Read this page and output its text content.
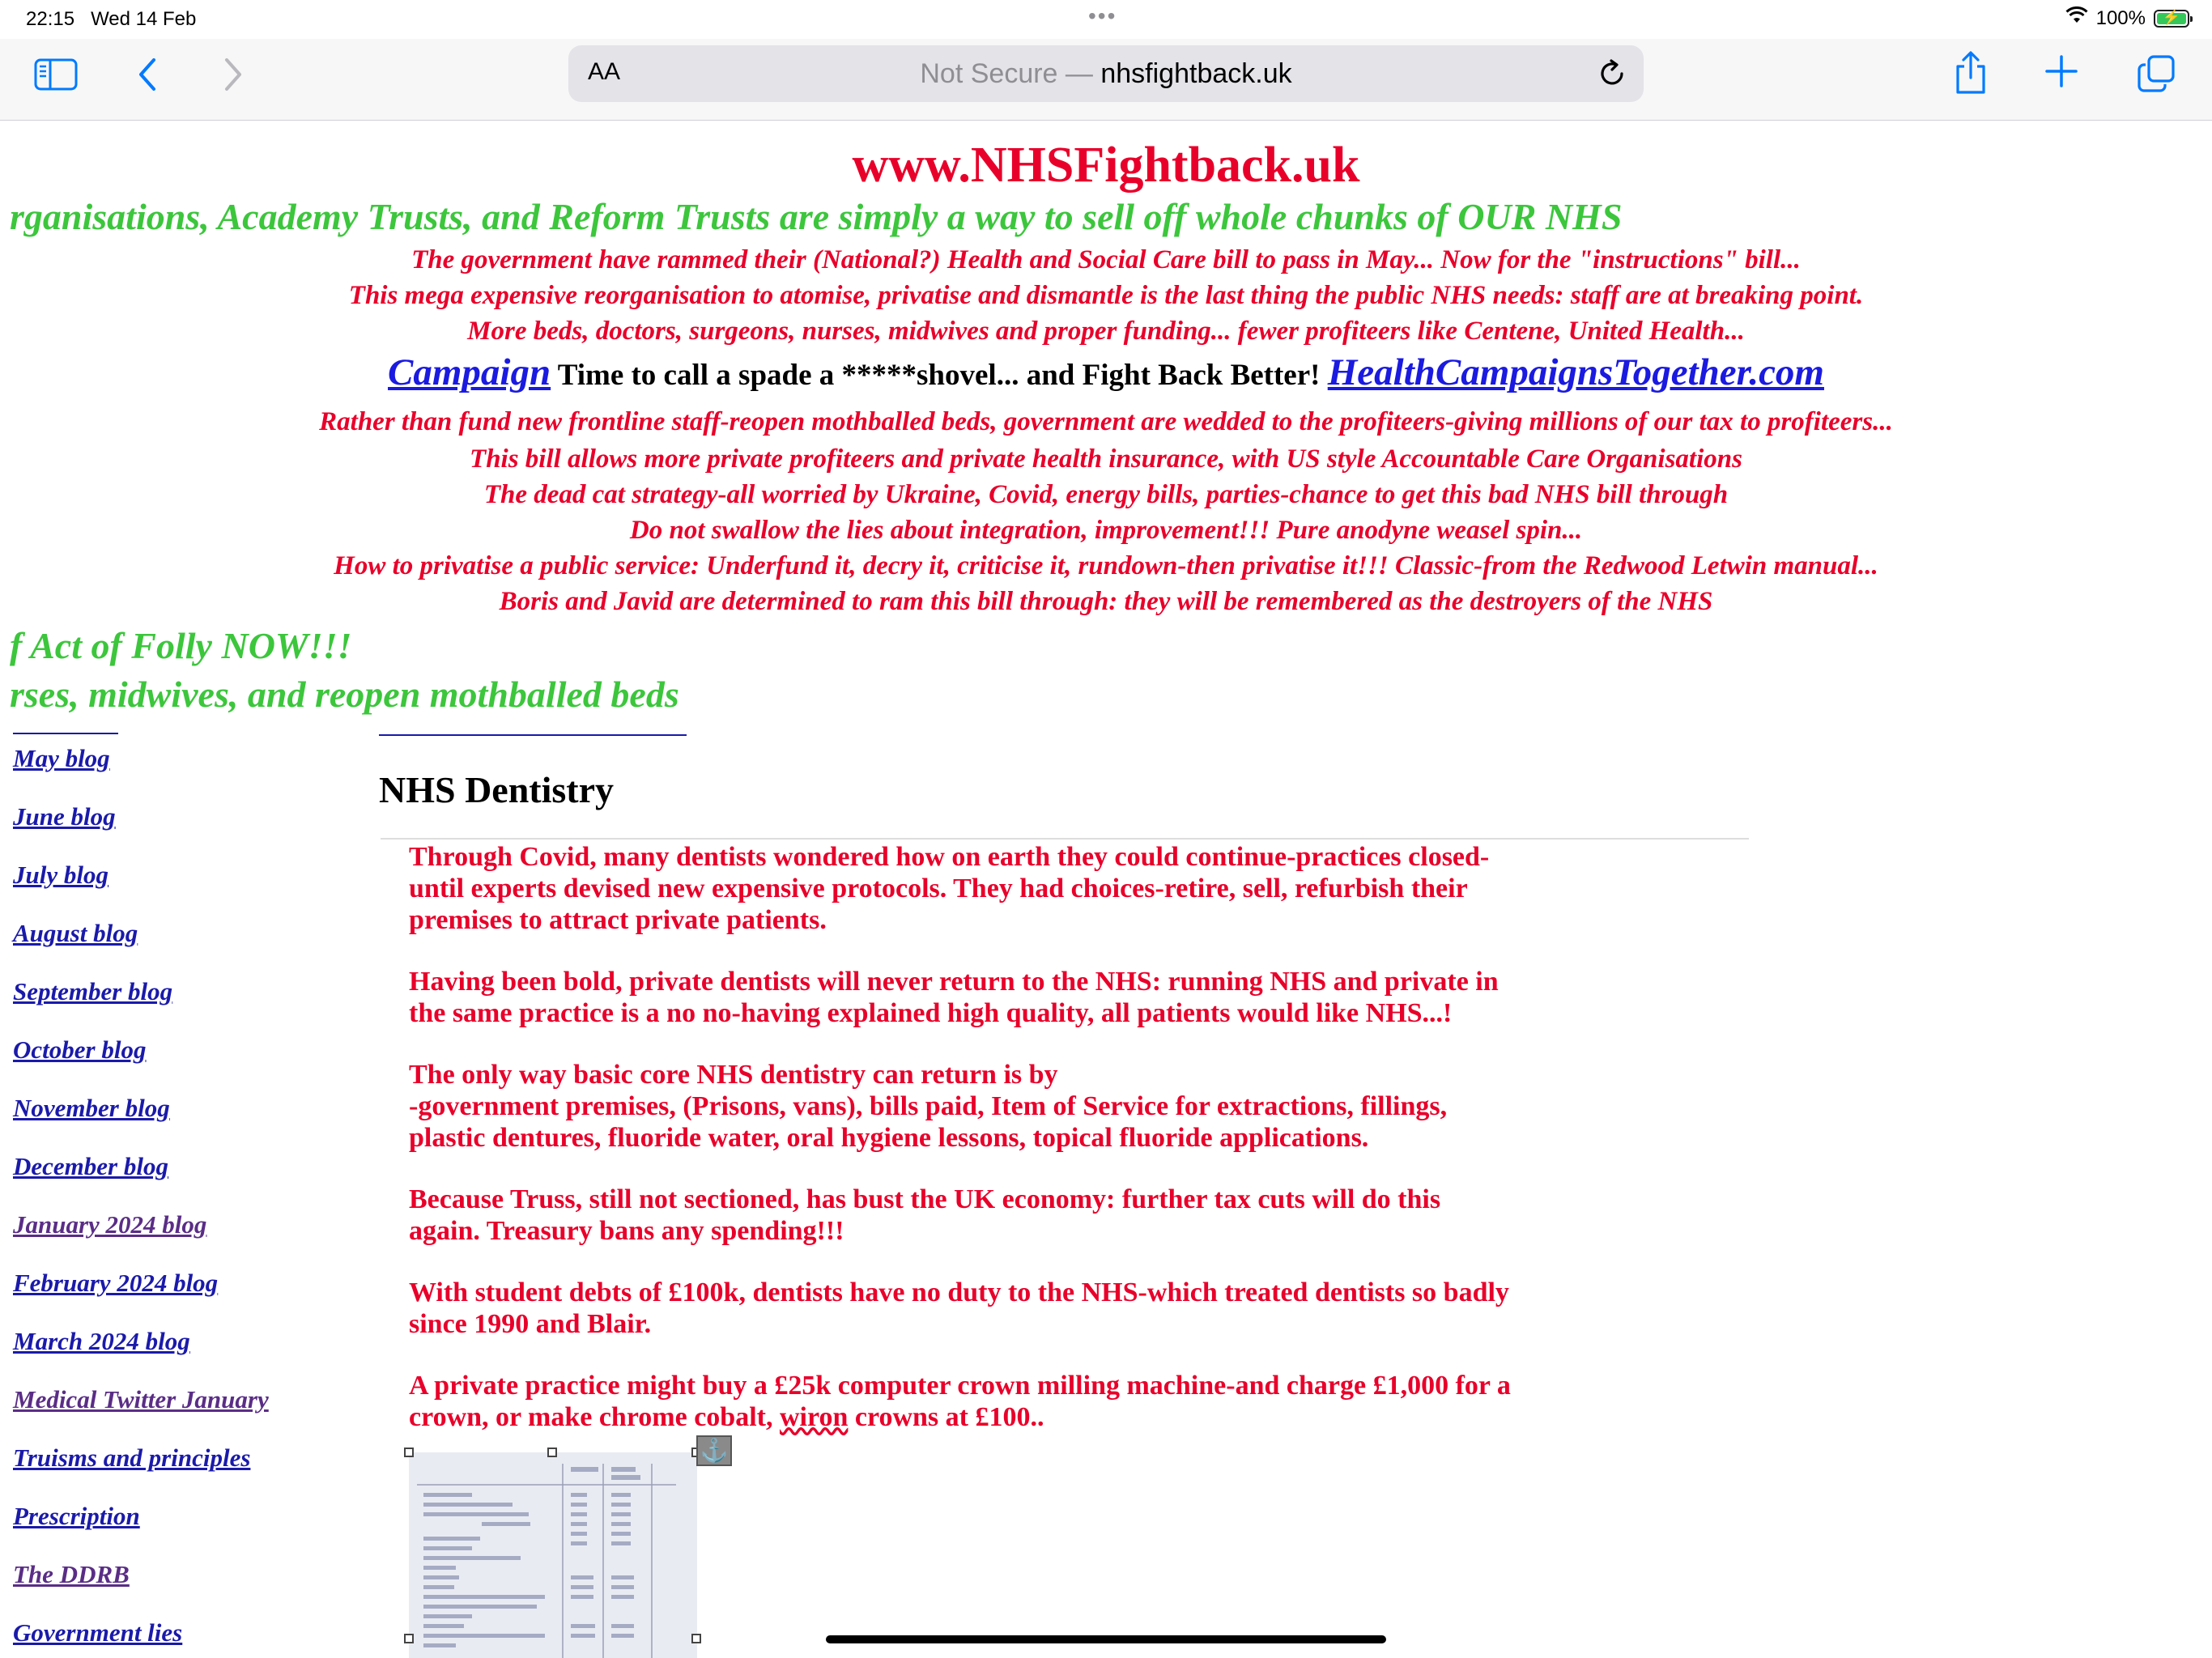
22:15 Wed 14 Feb	•••	100%	⚡
AA	Not Secure — nhsfightback.uk
www.NHSFightback.uk
rganisations, Academy Trusts, and Reform Trusts are simply a way to sell off whole chunks of OUR NHS
The government have rammed their (National?) Health and Social Care bill to pass in May... Now for the "instructions" bill...
This mega expensive reorganisation to atomise, privatise and dismantle is the last thing the public NHS needs: staff are at breaking point.
More beds, doctors, surgeons, nurses, midwives and proper funding... fewer profiteers like Centene, United Health...
Campaign Time to call a spade a *****shovel... and Fight Back Better! HealthCampaignsTogether.com
Rather than fund new frontline staff-reopen mothballed beds, government are wedded to the profiteers-giving millions of our tax to profiteers...
This bill allows more private profiteers and private health insurance, with US style Accountable Care Organisations
The dead cat strategy-all worried by Ukraine, Covid, energy bills, parties-chance to get this bad NHS bill through
Do not swallow the lies about integration, improvement!!! Pure anodyne weasel spin...
How to privatise a public service: Underfund it, decry it, criticise it, rundown-then privatise it!!! Classic-from the Redwood Letwin manual...
Boris and Javid are determined to ram this bill through: they will be remembered as the destroyers of the NHS
f Act of Folly NOW!!!
rses, midwives, and reopen mothballed beds
May blog
June blog
July blog
August blog
September blog
October blog
November blog
December blog
January 2024 blog
February 2024 blog
March 2024 blog
Medical Twitter January
Truisms and principles
Prescription
The DDRB
Government lies
NHS Dentistry

Through Covid, many dentists wondered how on earth they could continue-practices closed-
until experts devised new expensive protocols. They had choices-retire, sell, refurbish their
premises to attract private patients.

Having been bold, private dentists will never return to the NHS: running NHS and private in
the same practice is a no no-having explained high quality, all patients would like NHS...!

The only way basic core NHS dentistry can return is by
-government premises, (Prisons, vans), bills paid, Item of Service for extractions, fillings,
plastic dentures, fluoride water, oral hygiene lessons, topical fluoride applications.

Because Truss, still not sectioned, has bust the UK economy: further tax cuts will do this
again. Treasury bans any spending!!!

With student debts of £100k, dentists have no duty to the NHS-which treated dentists so badly
since 1990 and Blair.

A private practice might buy a £25k computer crown milling machine-and charge £1,000 for a
crown, or make chrome cobalt, wiron crowns at £100..

⚓
